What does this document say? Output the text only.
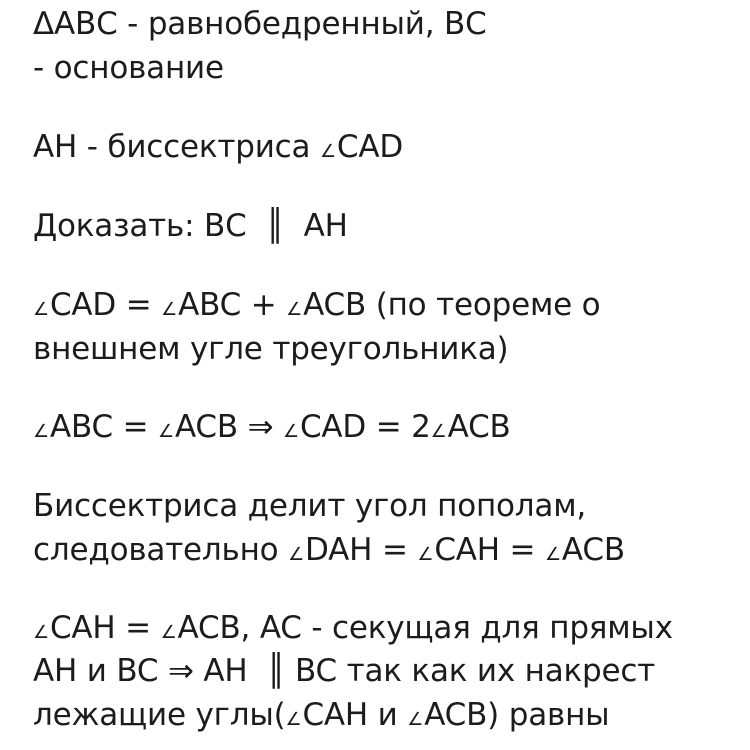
ΔАВС - равнобедренный, ВС

- основание

АН - биссектриса ∠CAD

Доказать: ВС  ║  АН

∠CAD = ∠ABC + ∠ACB (по теореме о

внешнем угле треугольника)

∠ABC = ∠ACB ⇒ ∠CAD = 2∠ACB

Биссектриса делит угол пополам,

следовательно ∠DAH = ∠CAH = ∠ACB

∠CAH = ∠ACB, AC - секущая для прямых

AH и BC ⇒ AH  ║ BC так как их накрест

лежащие углы(∠CAH и ∠ACB) равны
